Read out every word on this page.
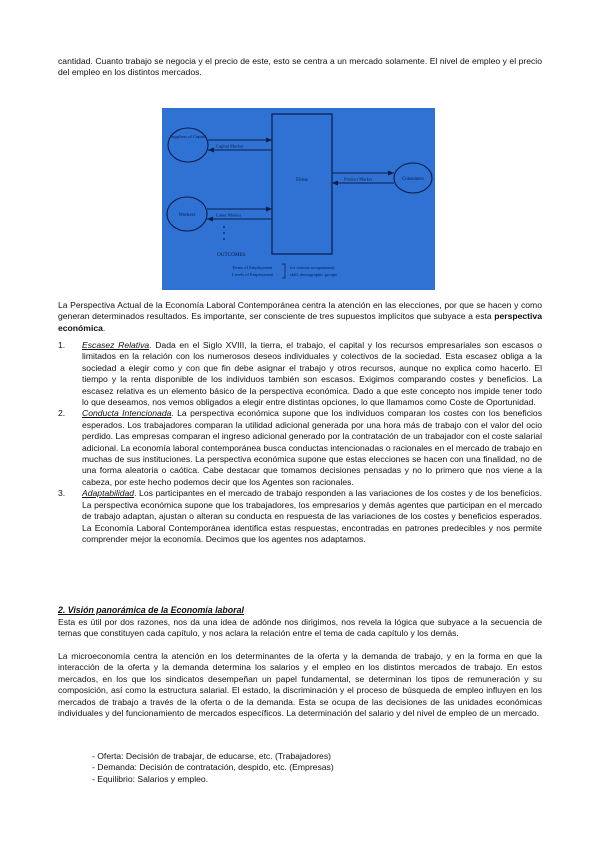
cantidad. Cuanto trabajo se negocia y el precio de este, esto se centra a un mercado solamente. El nivel de empleo y el precio del empleo en los distintos mercados.
Suppliers of Capital
Workers
Firms	Consumers
Capital Market
Labor Market
Product Market
OUTCOMES
Terms of Employment
Levels of Employment
for various occupational,
skill, demographic groups
La Perspectiva Actual de la Economía Laboral Contemporánea centra la atención en las elecciones, por que se hacen y como generan determinados resultados. Es importante, ser consciente de tres supuestos implícitos que subyace a esta perspectiva económica.
1. Escasez Relativa. Dada en el Siglo XVIII, la tierra, el trabajo, el capital y los recursos empresariales son escasos o limitados en la relación con los numerosos deseos individuales y colectivos de la sociedad. Esta escasez obliga a la sociedad a elegir como y con que fin debe asignar el trabajo y otros recursos, aunque no explica como hacerlo. El tiempo y la renta disponible de los individuos también son escasos. Exigimos comparando costes y beneficios. La escasez relativa es un elemento básico de la perspectiva económica. Dado a que este concepto nos impide tener todo lo que deseamos, nos vemos obligados a elegir entre distintas opciones, lo que llamamos como Coste de Oportunidad.
2. Conducta Intencionada. La perspectiva económica supone que los individuos comparan los costes con los beneficios esperados. Los trabajadores comparan la utilidad adicional generada por una hora más de trabajo con el valor del ocio perdido. Las empresas comparan el ingreso adicional generado por la contratación de un trabajador con el coste salarial adicional. La economía laboral contemporánea busca conductas intencionadas o racionales en el mercado de trabajo en muchas de sus instituciones. La perspectiva económica supone que estas elecciones se hacen con una finalidad, no de una forma aleatoria o caótica. Cabe destacar que tomamos decisiones pensadas y no lo primero que nos viene a la cabeza, por este hecho podemos decir que los Agentes son racionales.
3. Adaptabilidad. Los participantes en el mercado de trabajo responden a las variaciones de los costes y de los beneficios. La perspectiva económica supone que los trabajadores, los empresarios y demás agentes que participan en el mercado de trabajo adaptan, ajustan o alteran su conducta en respuesta de las variaciones de los costes y beneficios esperados. La Economía Laboral Contemporánea identifica estas respuestas, encontradas en patrones predecibles y nos permite comprender mejor la economía. Decimos que los agentes nos adaptamos.
2. Visión panorámica de la Economía laboral
Esta es útil por dos razones, nos da una idea de adónde nos dirigimos, nos revela la lógica que subyace a la secuencia de temas que constituyen cada capítulo, y nos aclara la relación entre el tema de cada capítulo y los demás.
La microeconomía centra la atención en los determinantes de la oferta y la demanda de trabajo, y en la forma en que la interacción de la oferta y la demanda determina los salarios y el empleo en los distintos mercados de trabajo. En estos mercados, en los que los sindicatos desempeñan un papel fundamental, se determinan los tipos de remuneración y su composición, así como la estructura salarial. El estado, la discriminación y el proceso de búsqueda de empleo influyen en los mercados de trabajo a través de la oferta o de la demanda. Esta se ocupa de las decisiones de las unidades económicas individuales y del funcionamiento de mercados específicos. La determinación del salario y del nivel de empleo de un mercado.
- Oferta: Decisión de trabajar, de educarse, etc. (Trabajadores)
- Demanda: Decisión de contratación, despido, etc. (Empresas)
- Equilibrio: Salarios y empleo.
